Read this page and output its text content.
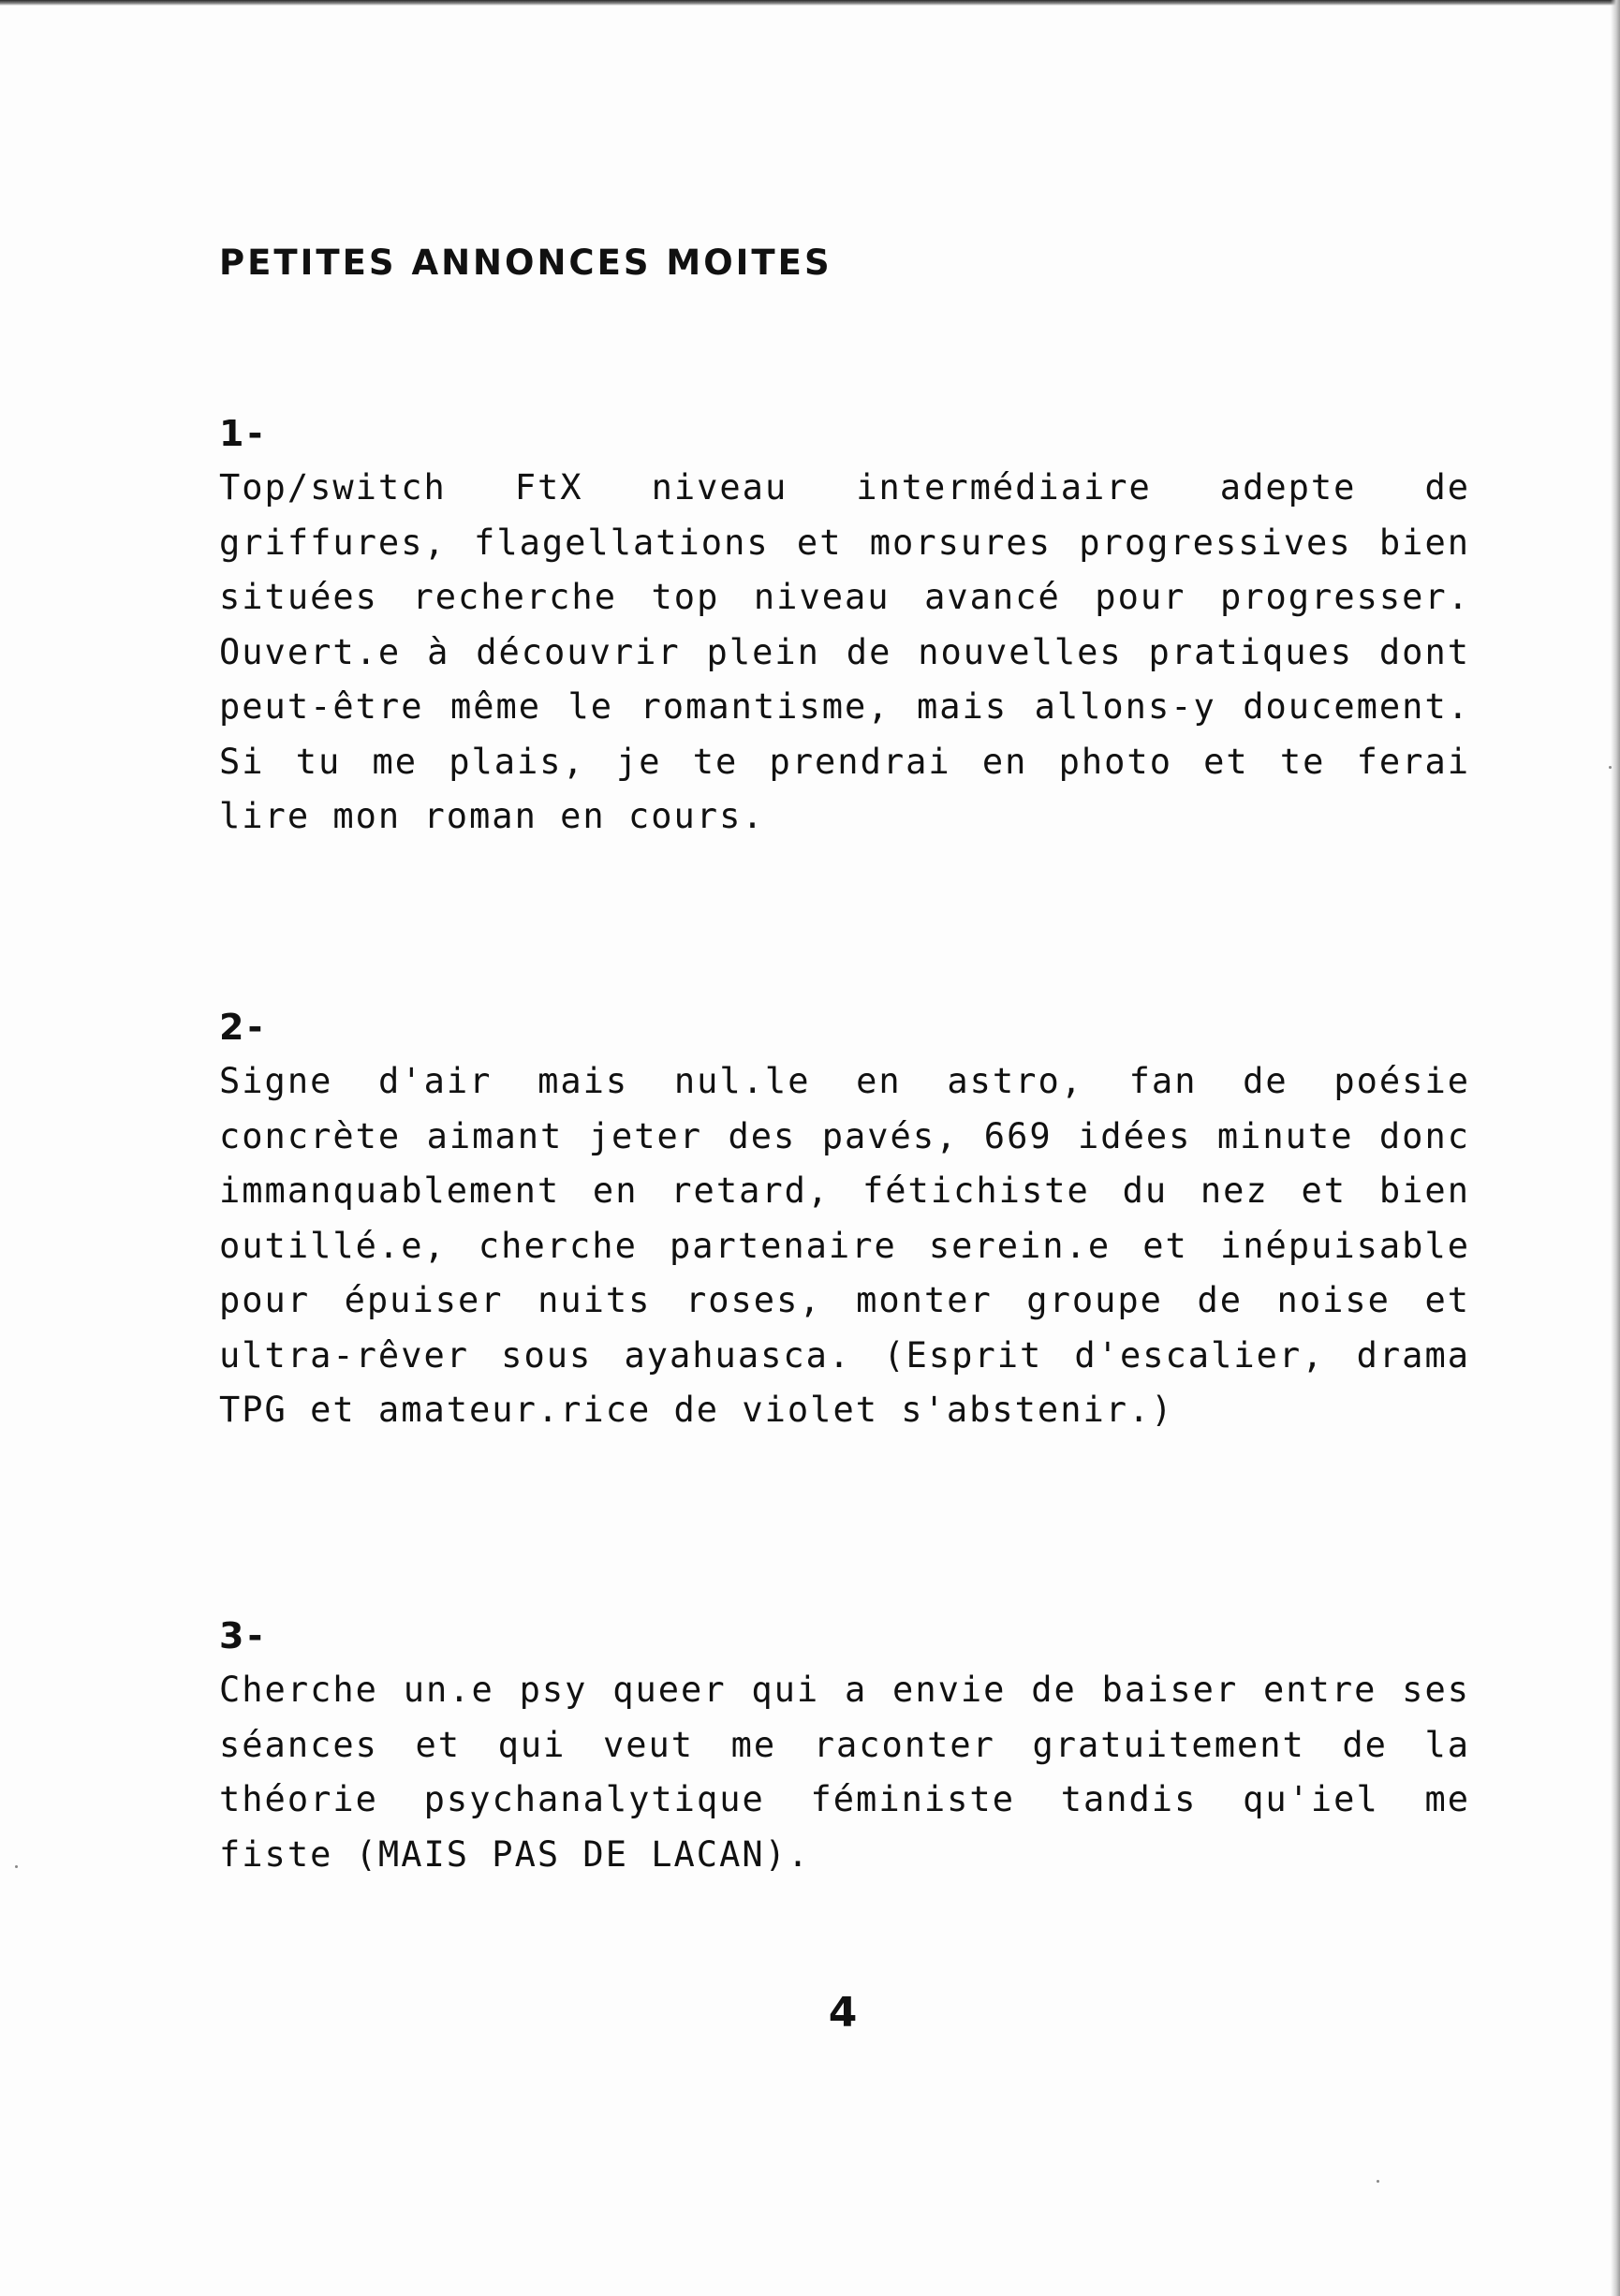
PETITES ANNONCES MOITES
1-

Top/switch FtX niveau intermédiaire adepte de griffures, flagellations et morsures progressives bien situées recherche top niveau avancé pour progresser. Ouvert.e à découvrir plein de nouvelles pratiques dont peut-être même le romantisme, mais allons-y doucement. Si tu me plais, je te prendrai en photo et te ferai lire mon roman en cours.

2-

Signe d'air mais nul.le en astro, fan de poésie concrète aimant jeter des pavés, 669 idées minute donc immanquablement en retard, fétichiste du nez et bien outillé.e, cherche partenaire serein.e et inépuisable pour épuiser nuits roses, monter groupe de noise et ultra-rêver sous ayahuasca. (Esprit d'escalier, drama TPG et amateur.rice de violet s'abstenir.)

3-

Cherche un.e psy queer qui a envie de baiser entre ses séances et qui veut me raconter gratuitement de la théorie psychanalytique féministe tandis qu'iel me fiste (MAIS PAS DE LACAN).

4
